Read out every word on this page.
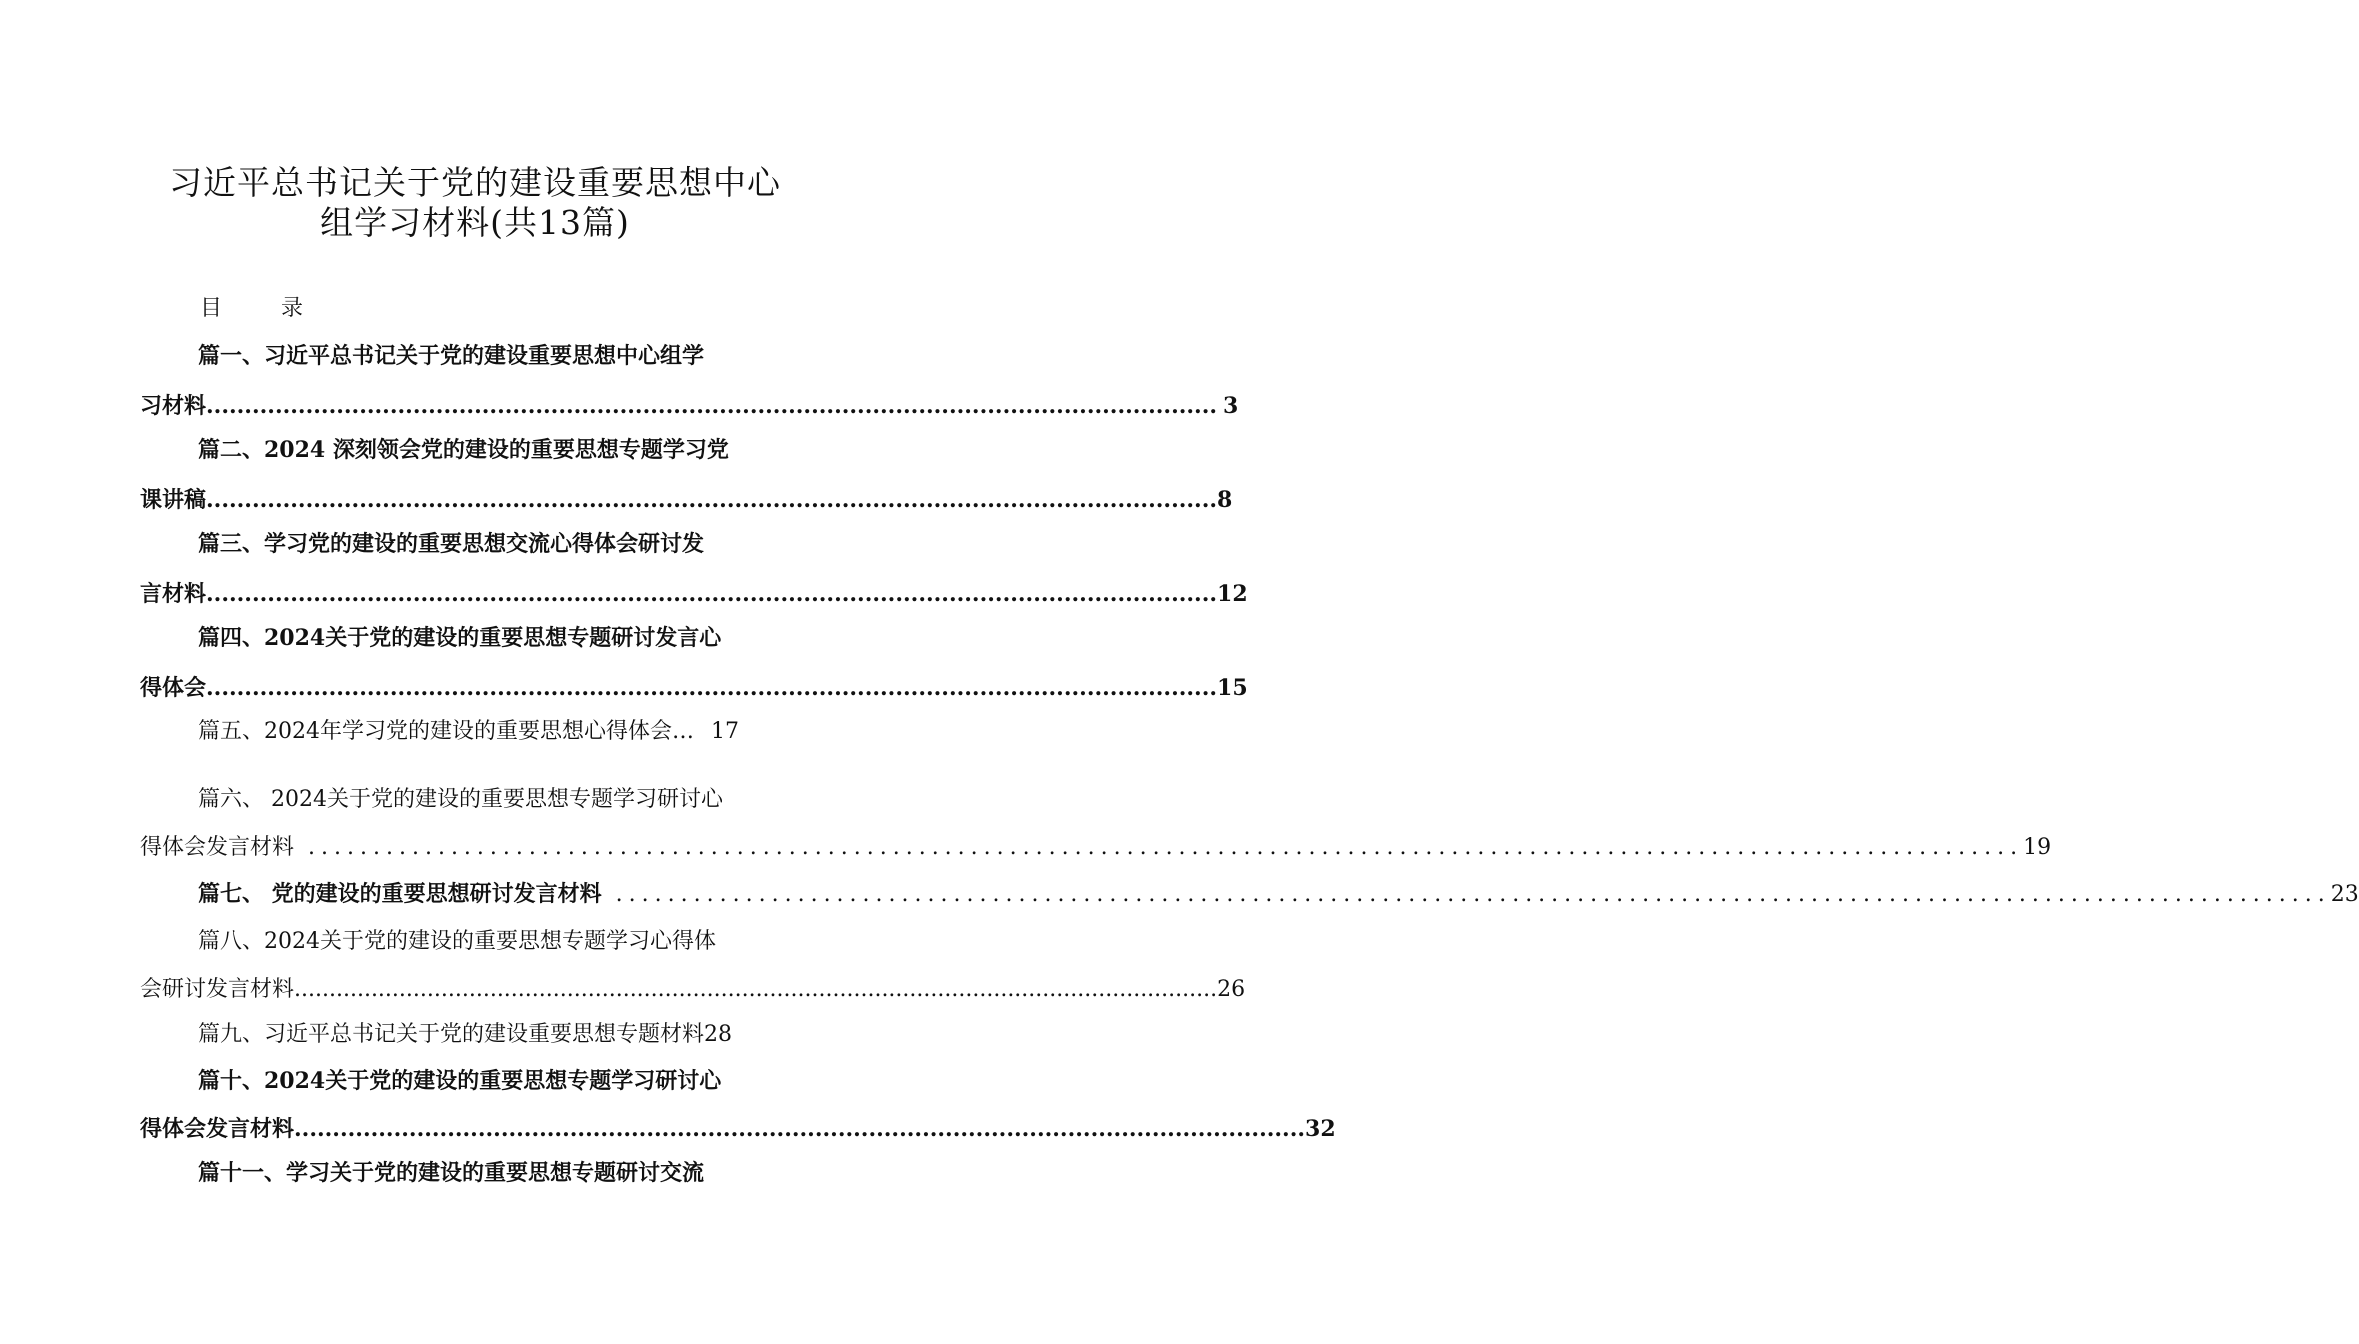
习近平总书记关于党的建设重要思想中心
组学习材料(共13篇)
目 录
篇一、习近平总书记关于党的建设重要思想中心组学
习材料 .................................................................................................................................... 3
篇二、2024 深刻领会党的建设的重要思想专题学习党
课讲稿 .................................................................................................................................... 8
篇三、学习党的建设的重要思想交流心得体会研讨发
言材料 .................................................................................................................................... 12
篇四、2024关于党的建设的重要思想专题研讨发言心
得体会 .................................................................................................................................... 15
篇五、2024年学习党的建设的重要思想心得体会… 17
篇六、 2024关于党的建设的重要思想专题学习研讨心
得体会发言材料 .................................................................................................................................... 19
篇七、 党的建设的重要思想研讨发言材料 .................................................................................................................................... 23
篇八、2024关于党的建设的重要思想专题学习心得体
会研讨发言材料 .................................................................................................................................... 26
篇九、习近平总书记关于党的建设重要思想专题材料28
篇十、2024关于党的建设的重要思想专题学习研讨心
得体会发言材料 .................................................................................................................................... 32
篇十一、学习关于党的建设的重要思想专题研讨交流
